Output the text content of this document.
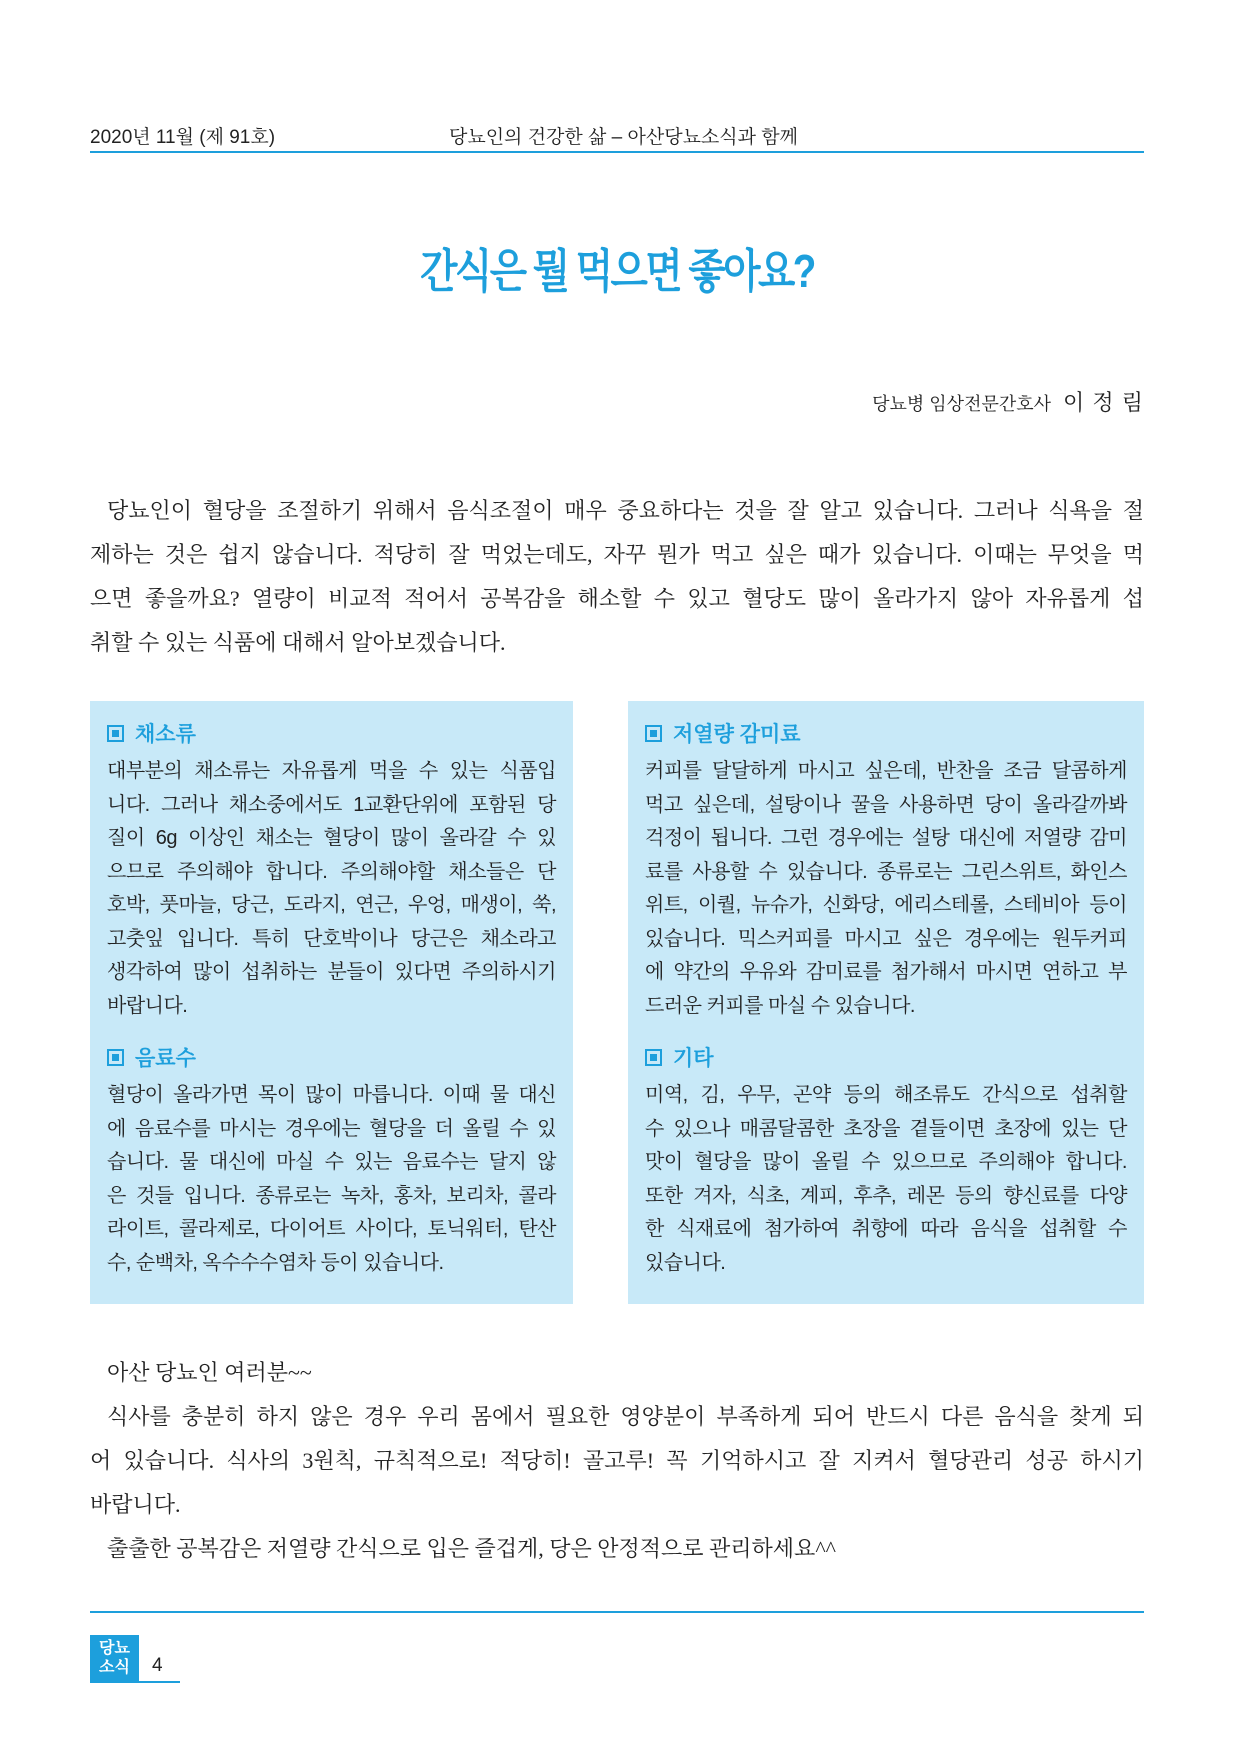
2020년 11월 (제 91호)	당뇨인의 건강한 삶 – 아산당뇨소식과 함께
간식은 뭘 먹으면 좋아요?
당뇨병 임상전문간호사 이 정 림
당뇨인이 혈당을 조절하기 위해서 음식조절이 매우 중요하다는 것을 잘 알고 있습니다. 그러나 식욕을 절
제하는 것은 쉽지 않습니다. 적당히 잘 먹었는데도, 자꾸 뭔가 먹고 싶은 때가 있습니다. 이때는 무엇을 먹
으면 좋을까요? 열량이 비교적 적어서 공복감을 해소할 수 있고 혈당도 많이 올라가지 않아 자유롭게 섭
취할 수 있는 식품에 대해서 알아보겠습니다.
채소류
대부분의 채소류는 자유롭게 먹을 수 있는 식품입
니다. 그러나 채소중에서도 1교환단위에 포함된 당
질이 6g 이상인 채소는 혈당이 많이 올라갈 수 있
으므로 주의해야 합니다. 주의해야할 채소들은 단
호박, 풋마늘, 당근, 도라지, 연근, 우엉, 매생이, 쑥,
고춧잎 입니다. 특히 단호박이나 당근은 채소라고
생각하여 많이 섭취하는 분들이 있다면 주의하시기
바랍니다.
음료수
혈당이 올라가면 목이 많이 마릅니다. 이때 물 대신
에 음료수를 마시는 경우에는 혈당을 더 올릴 수 있
습니다. 물 대신에 마실 수 있는 음료수는 달지 않
은 것들 입니다. 종류로는 녹차, 홍차, 보리차, 콜라
라이트, 콜라제로, 다이어트 사이다, 토닉워터, 탄산
수, 순백차, 옥수수수염차 등이 있습니다.
저열량 감미료
커피를 달달하게 마시고 싶은데, 반찬을 조금 달콤하게
먹고 싶은데, 설탕이나 꿀을 사용하면 당이 올라갈까봐
걱정이 됩니다. 그런 경우에는 설탕 대신에 저열량 감미
료를 사용할 수 있습니다. 종류로는 그린스위트, 화인스
위트, 이퀄, 뉴슈가, 신화당, 에리스테롤, 스테비아 등이
있습니다. 믹스커피를 마시고 싶은 경우에는 원두커피
에 약간의 우유와 감미료를 첨가해서 마시면 연하고 부
드러운 커피를 마실 수 있습니다.
기타
미역, 김, 우무, 곤약 등의 해조류도 간식으로 섭취할
수 있으나 매콤달콤한 초장을 곁들이면 초장에 있는 단
맛이 혈당을 많이 올릴 수 있으므로 주의해야 합니다.
또한 겨자, 식초, 계피, 후추, 레몬 등의 향신료를 다양
한 식재료에 첨가하여 취향에 따라 음식을 섭취할 수
있습니다.
아산 당뇨인 여러분~~
식사를 충분히 하지 않은 경우 우리 몸에서 필요한 영양분이 부족하게 되어 반드시 다른 음식을 찾게 되
어 있습니다. 식사의 3원칙, 규칙적으로! 적당히! 골고루! 꼭 기억하시고 잘 지켜서 혈당관리 성공 하시기
바랍니다.
출출한 공복감은 저열량 간식으로 입은 즐겁게, 당은 안정적으로 관리하세요^^
당뇨
소식	4
